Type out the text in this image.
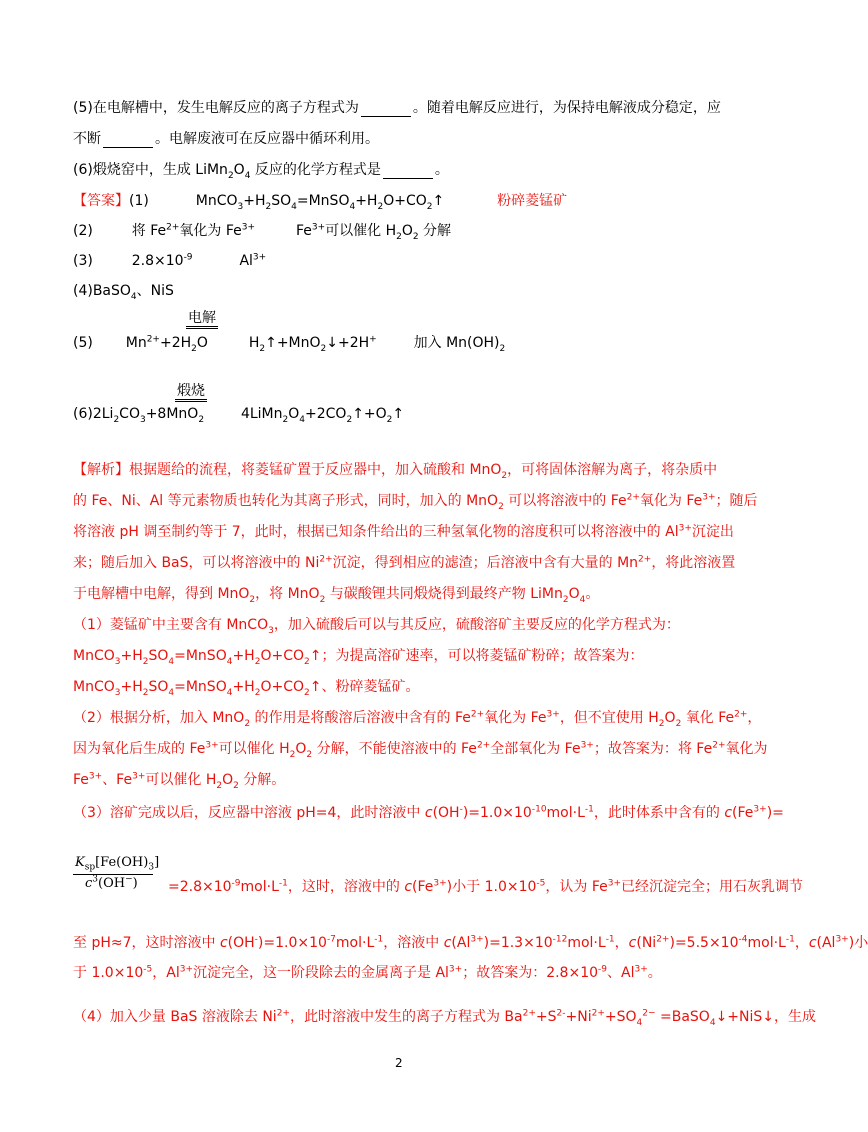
(5)在电解槽中，发生电解反应的离子方程式为	。随着电解反应进行，为保持电解液成分稳定，应
不断	。电解废液可在反应器中循环利用。
(6)煅烧窑中，生成 $LiMn_2O_4$ 反应的化学方程式是	。
【答案】(1)	$MnCO_3+H_2SO_4=MnSO_4+H_2O+CO_2↑$	粉碎菱锰矿
(2)	将 $Fe^{2+}$氧化为 $Fe^{3+}$	$Fe^{3+}$可以催化 $H_2O_2$ 分解
(3)	$2.8\times 10^{-9}$	$Al^{3+}$
(4)BaSO$_4$、NiS
电解
(5) $Mn^{2+}+2H_2O$	$H_2↑+MnO_2↓+2H^+$	加入 $Mn(OH)_2$
煅烧
$(6)2Li_2CO_3+8MnO_2$	$4LiMn_2O_4+2CO_2↑+O_2↑$
【解析】根据题给的流程，将菱锰矿置于反应器中，加入硫酸和 MnO$_2$，可将固体溶解为离子，将杂质中
的 Fe、Ni、Al 等元素物质也转化为其离子形式，同时，加入的 MnO$_2$ 可以将溶液中的 $Fe^{2+}$氧化为 $Fe^{3+}$；随后
将溶液 pH 调至制约等于 7，此时，根据已知条件给出的三种氢氧化物的溶度积可以将溶液中的 $Al^{3+}$沉淀出
来；随后加入 BaS，可以将溶液中的 $Ni^{2+}$沉淀，得到相应的滤渣；后溶液中含有大量的 $Mn^{2+}$，将此溶液置
于电解槽中电解，得到 MnO$_2$，将 MnO$_2$ 与碳酸锂共同煅烧得到最终产物 $LiMn_2O_4$。
（1）菱锰矿中主要含有 MnCO$_3$，加入硫酸后可以与其反应，硫酸溶矿主要反应的化学方程式为：
$MnCO_3+H_2SO_4=MnSO_4+H_2O+CO_2↑$；为提高溶矿速率，可以将菱锰矿粉碎；故答案为：
$MnCO_3+H_2SO_4=MnSO_4+H_2O+CO_2↑$、粉碎菱锰矿。
（2）根据分析，加入 MnO$_2$ 的作用是将酸溶后溶液中含有的 $Fe^{2+}$氧化为 $Fe^{3+}$，但不宜使用 $H_2O_2$ 氧化 $Fe^{2+}$，
因为氧化后生成的 $Fe^{3+}$可以催化 $H_2O_2$ 分解，不能使溶液中的 $Fe^{2+}$全部氧化为 $Fe^{3+}$；故答案为：将 $Fe^{2+}$氧化为
$Fe^{3+}$、$Fe^{3+}$可以催化 $H_2O_2$ 分解。
（3）溶矿完成以后，反应器中溶液 pH=4，此时溶液中 $c(OH^-)=1.0\times 10^{-10}mol\cdot L^{-1}$，此时体系中含有的 $c(Fe^{3+})=$
$K_{sp}[Fe(OH)_3]$
$c^3(OH^-) =2.8\times 10^{-9}mol\cdot L^{-1}$，这时，溶液中的 $c(Fe^{3+})$小于 $1.0\times 10^{-5}$，认为 $Fe^{3+}$已经沉淀完全；用石灰乳调节
至 pH≈7，这时溶液中 $c(OH^-)=1.0\times 10^{-7}mol\cdot L^{-1}$，溶液中 $c(Al^{3+})=1.3\times 10^{-12}mol\cdot L^{-1}$，$c(Ni^{2+})=5.5\times 10^{-4}mol\cdot L^{-1}$，$c(Al^{3+})$小
于 $1.0\times 10^{-5}$，$Al^{3+}$沉淀完全，这一阶段除去的金属离子是 $Al^{3+}$；故答案为：$2.8\times 10^{-9}$、$Al^{3+}$。
（4）加入少量 BaS 溶液除去 $Ni^{2+}$，此时溶液中发生的离子方程式为 $Ba^{2+}+S^{2-}+Ni^{2+}+SO_4^{2-}$ =BaSO$_4$↓+NiS↓，生成
2
